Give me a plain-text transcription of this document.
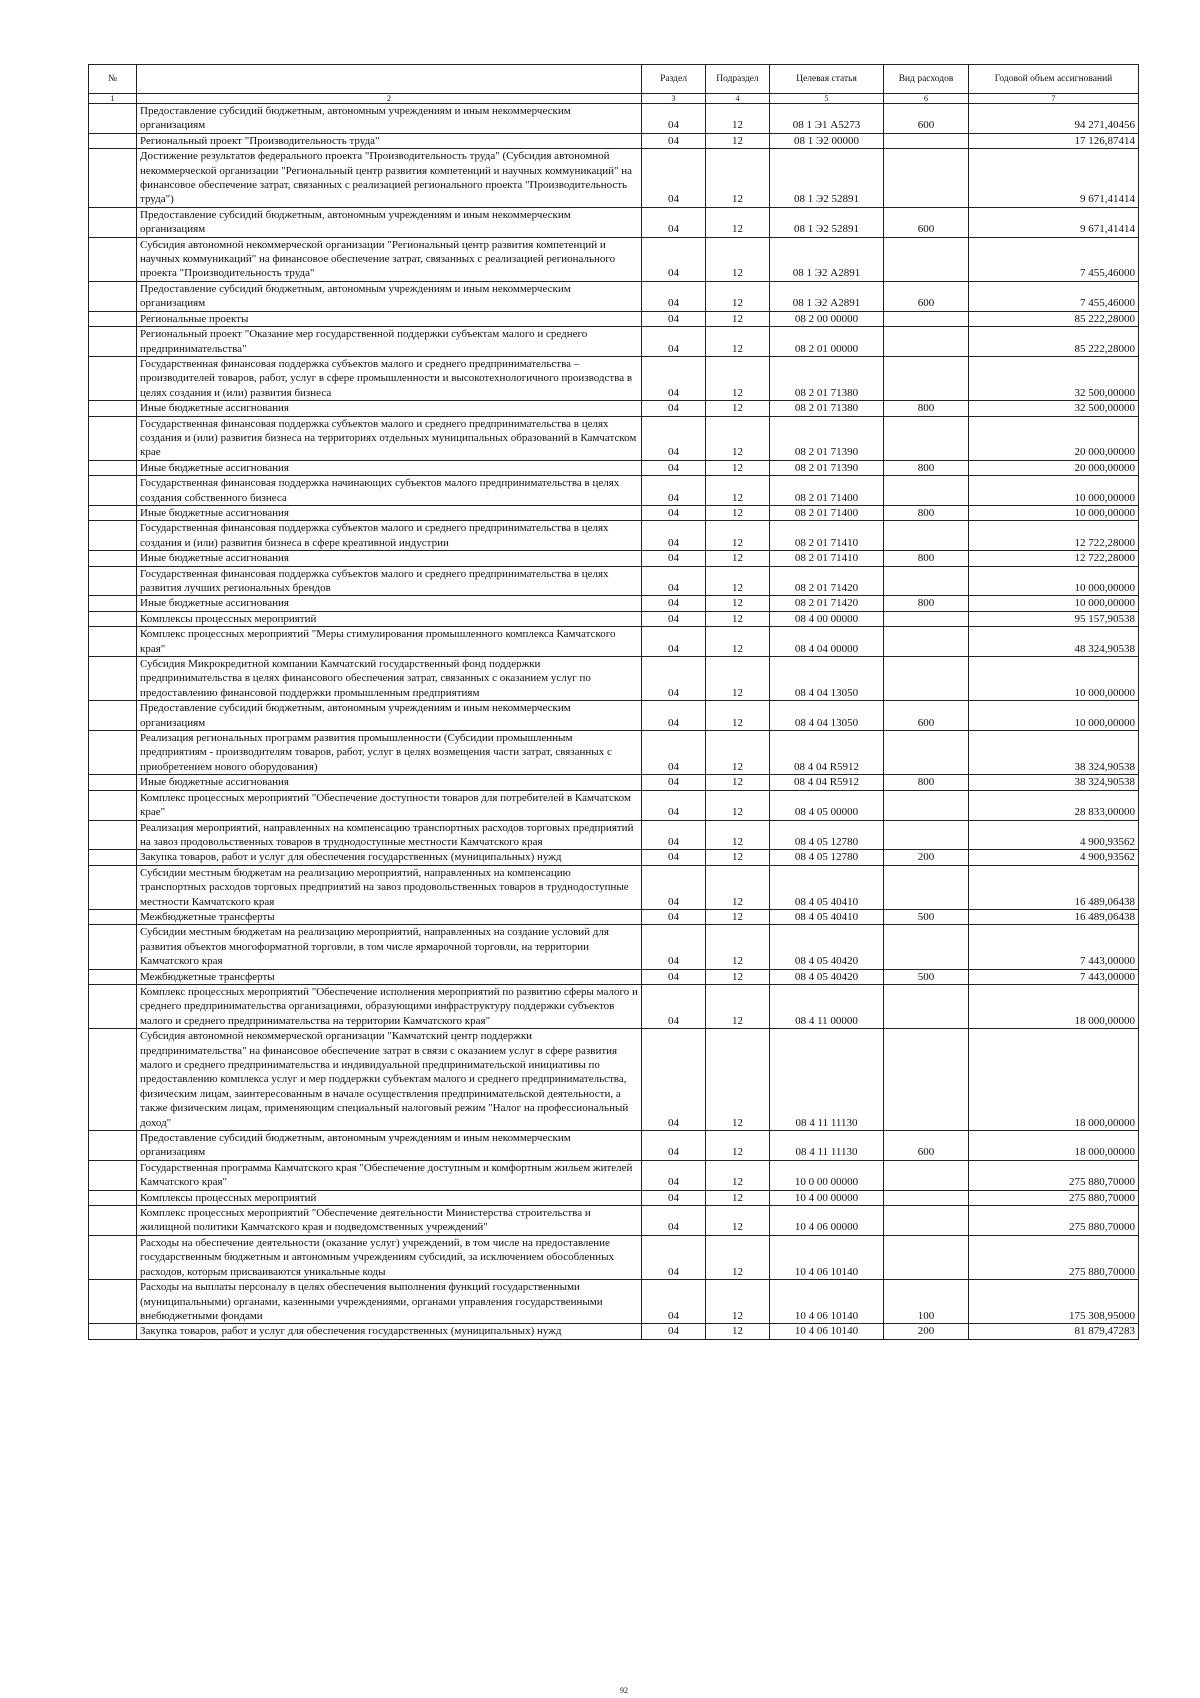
№		Раздел	Подраздел	Целевая статья	Вид расходов	Годовой объем ассигнований
1	2	3	4	5	6	7
	Предоставление субсидий бюджетным, автономным учреждениям и иным некоммерческим организациям	04	12	08 1 Э1 А5273	600	94 271,40456
	Региональный проект "Производительность труда"	04	12	08 1 Э2 00000		17 126,87414
	Достижение результатов федерального проекта "Производительность труда" (Субсидия автономной некоммерческой организации "Региональный центр развития компетенций и научных коммуникаций" на финансовое обеспечение затрат, связанных с реализацией регионального проекта "Производительность труда")	04	12	08 1 Э2 52891		9 671,41414
	Предоставление субсидий бюджетным, автономным учреждениям и иным некоммерческим организациям	04	12	08 1 Э2 52891	600	9 671,41414
	Субсидия автономной некоммерческой организации "Региональный центр развития компетенций и научных коммуникаций" на финансовое обеспечение затрат, связанных с реализацией регионального проекта "Производительность труда"	04	12	08 1 Э2 А2891		7 455,46000
	Предоставление субсидий бюджетным, автономным учреждениям и иным некоммерческим организациям	04	12	08 1 Э2 А2891	600	7 455,46000
	Региональные проекты	04	12	08 2 00 00000		85 222,28000
	Региональный проект "Оказание мер государственной поддержки субъектам малого и среднего предпринимательства"	04	12	08 2 01 00000		85 222,28000
	Государственная финансовая поддержка субъектов малого и среднего предпринимательства – производителей товаров, работ, услуг в сфере промышленности и высокотехнологичного производства в целях создания и (или) развития бизнеса	04	12	08 2 01 71380		32 500,00000
	Иные бюджетные ассигнования	04	12	08 2 01 71380	800	32 500,00000
	Государственная финансовая поддержка субъектов малого и среднего предпринимательства в целях создания и (или) развития бизнеса на территориях отдельных муниципальных образований в Камчатском крае	04	12	08 2 01 71390		20 000,00000
	Иные бюджетные ассигнования	04	12	08 2 01 71390	800	20 000,00000
	Государственная финансовая поддержка начинающих субъектов малого предпринимательства в целях создания собственного бизнеса	04	12	08 2 01 71400		10 000,00000
	Иные бюджетные ассигнования	04	12	08 2 01 71400	800	10 000,00000
	Государственная финансовая поддержка субъектов малого и среднего предпринимательства в целях создания и (или) развития бизнеса в сфере креативной индустрии	04	12	08 2 01 71410		12 722,28000
	Иные бюджетные ассигнования	04	12	08 2 01 71410	800	12 722,28000
	Государственная финансовая поддержка субъектов малого и среднего предпринимательства в целях развития лучших региональных брендов	04	12	08 2 01 71420		10 000,00000
	Иные бюджетные ассигнования	04	12	08 2 01 71420	800	10 000,00000
	Комплексы процессных мероприятий	04	12	08 4 00 00000		95 157,90538
	Комплекс процессных мероприятий "Меры стимулирования промышленного комплекса Камчатского края"	04	12	08 4 04 00000		48 324,90538
	Субсидия Микрокредитной компании Камчатский государственный фонд поддержки предпринимательства в целях финансового обеспечения затрат, связанных с оказанием услуг по предоставлению финансовой поддержки промышленным предприятиям	04	12	08 4 04 13050		10 000,00000
	Предоставление субсидий бюджетным, автономным учреждениям и иным некоммерческим организациям	04	12	08 4 04 13050	600	10 000,00000
	Реализация региональных программ развития промышленности (Субсидии промышленным предприятиям - производителям товаров, работ, услуг в целях возмещения части затрат, связанных с приобретением нового оборудования)	04	12	08 4 04 R5912		38 324,90538
	Иные бюджетные ассигнования	04	12	08 4 04 R5912	800	38 324,90538
	Комплекс процессных мероприятий "Обеспечение доступности товаров для потребителей в Камчатском крае"	04	12	08 4 05 00000		28 833,00000
	Реализация мероприятий, направленных на компенсацию транспортных расходов торговых предприятий на завоз продовольственных товаров в труднодоступные местности Камчатского края	04	12	08 4 05 12780		4 900,93562
	Закупка товаров, работ и услуг для обеспечения государственных (муниципальных) нужд	04	12	08 4 05 12780	200	4 900,93562
	Субсидии местным бюджетам на реализацию мероприятий, направленных на компенсацию транспортных расходов торговых предприятий на завоз продовольственных товаров в труднодоступные местности Камчатского края	04	12	08 4 05 40410		16 489,06438
	Межбюджетные трансферты	04	12	08 4 05 40410	500	16 489,06438
	Субсидии местным бюджетам на реализацию мероприятий, направленных на создание условий для развития объектов многоформатной торговли, в том числе ярмарочной торговли, на территории Камчатского края	04	12	08 4 05 40420		7 443,00000
	Межбюджетные трансферты	04	12	08 4 05 40420	500	7 443,00000
	Комплекс процессных мероприятий "Обеспечение исполнения мероприятий по развитию сферы малого и среднего предпринимательства организациями, образующими инфраструктуру поддержки субъектов малого и среднего предпринимательства на территории Камчатского края"	04	12	08 4 11 00000		18 000,00000
	Субсидия автономной некоммерческой организации "Камчатский центр поддержки предпринимательства" на финансовое обеспечение затрат в связи с оказанием услуг в сфере развития малого и среднего предпринимательства и индивидуальной предпринимательской инициативы по предоставлению комплекса услуг и мер поддержки субъектам малого и среднего предпринимательства, физическим лицам, заинтересованным в начале осуществления предпринимательской деятельности, а также физическим лицам, применяющим специальный налоговый режим "Налог на профессиональный доход"	04	12	08 4 11 11130		18 000,00000
	Предоставление субсидий бюджетным, автономным учреждениям и иным некоммерческим организациям	04	12	08 4 11 11130	600	18 000,00000
	Государственная программа Камчатского края "Обеспечение доступным и комфортным жильем жителей Камчатского края"	04	12	10 0 00 00000		275 880,70000
	Комплексы процессных мероприятий	04	12	10 4 00 00000		275 880,70000
	Комплекс процессных мероприятий "Обеспечение деятельности Министерства строительства и жилищной политики Камчатского края и подведомственных учреждений"	04	12	10 4 06 00000		275 880,70000
	Расходы на обеспечение деятельности (оказание услуг) учреждений, в том числе на предоставление государственным бюджетным и автономным учреждениям субсидий, за исключением обособленных расходов, которым присваиваются уникальные коды	04	12	10 4 06 10140		275 880,70000
	Расходы на выплаты персоналу в целях обеспечения выполнения функций государственными (муниципальными) органами, казенными учреждениями, органами управления государственными внебюджетными фондами	04	12	10 4 06 10140	100	175 308,95000
	Закупка товаров, работ и услуг для обеспечения государственных (муниципальных) нужд	04	12	10 4 06 10140	200	81 879,47283
92
